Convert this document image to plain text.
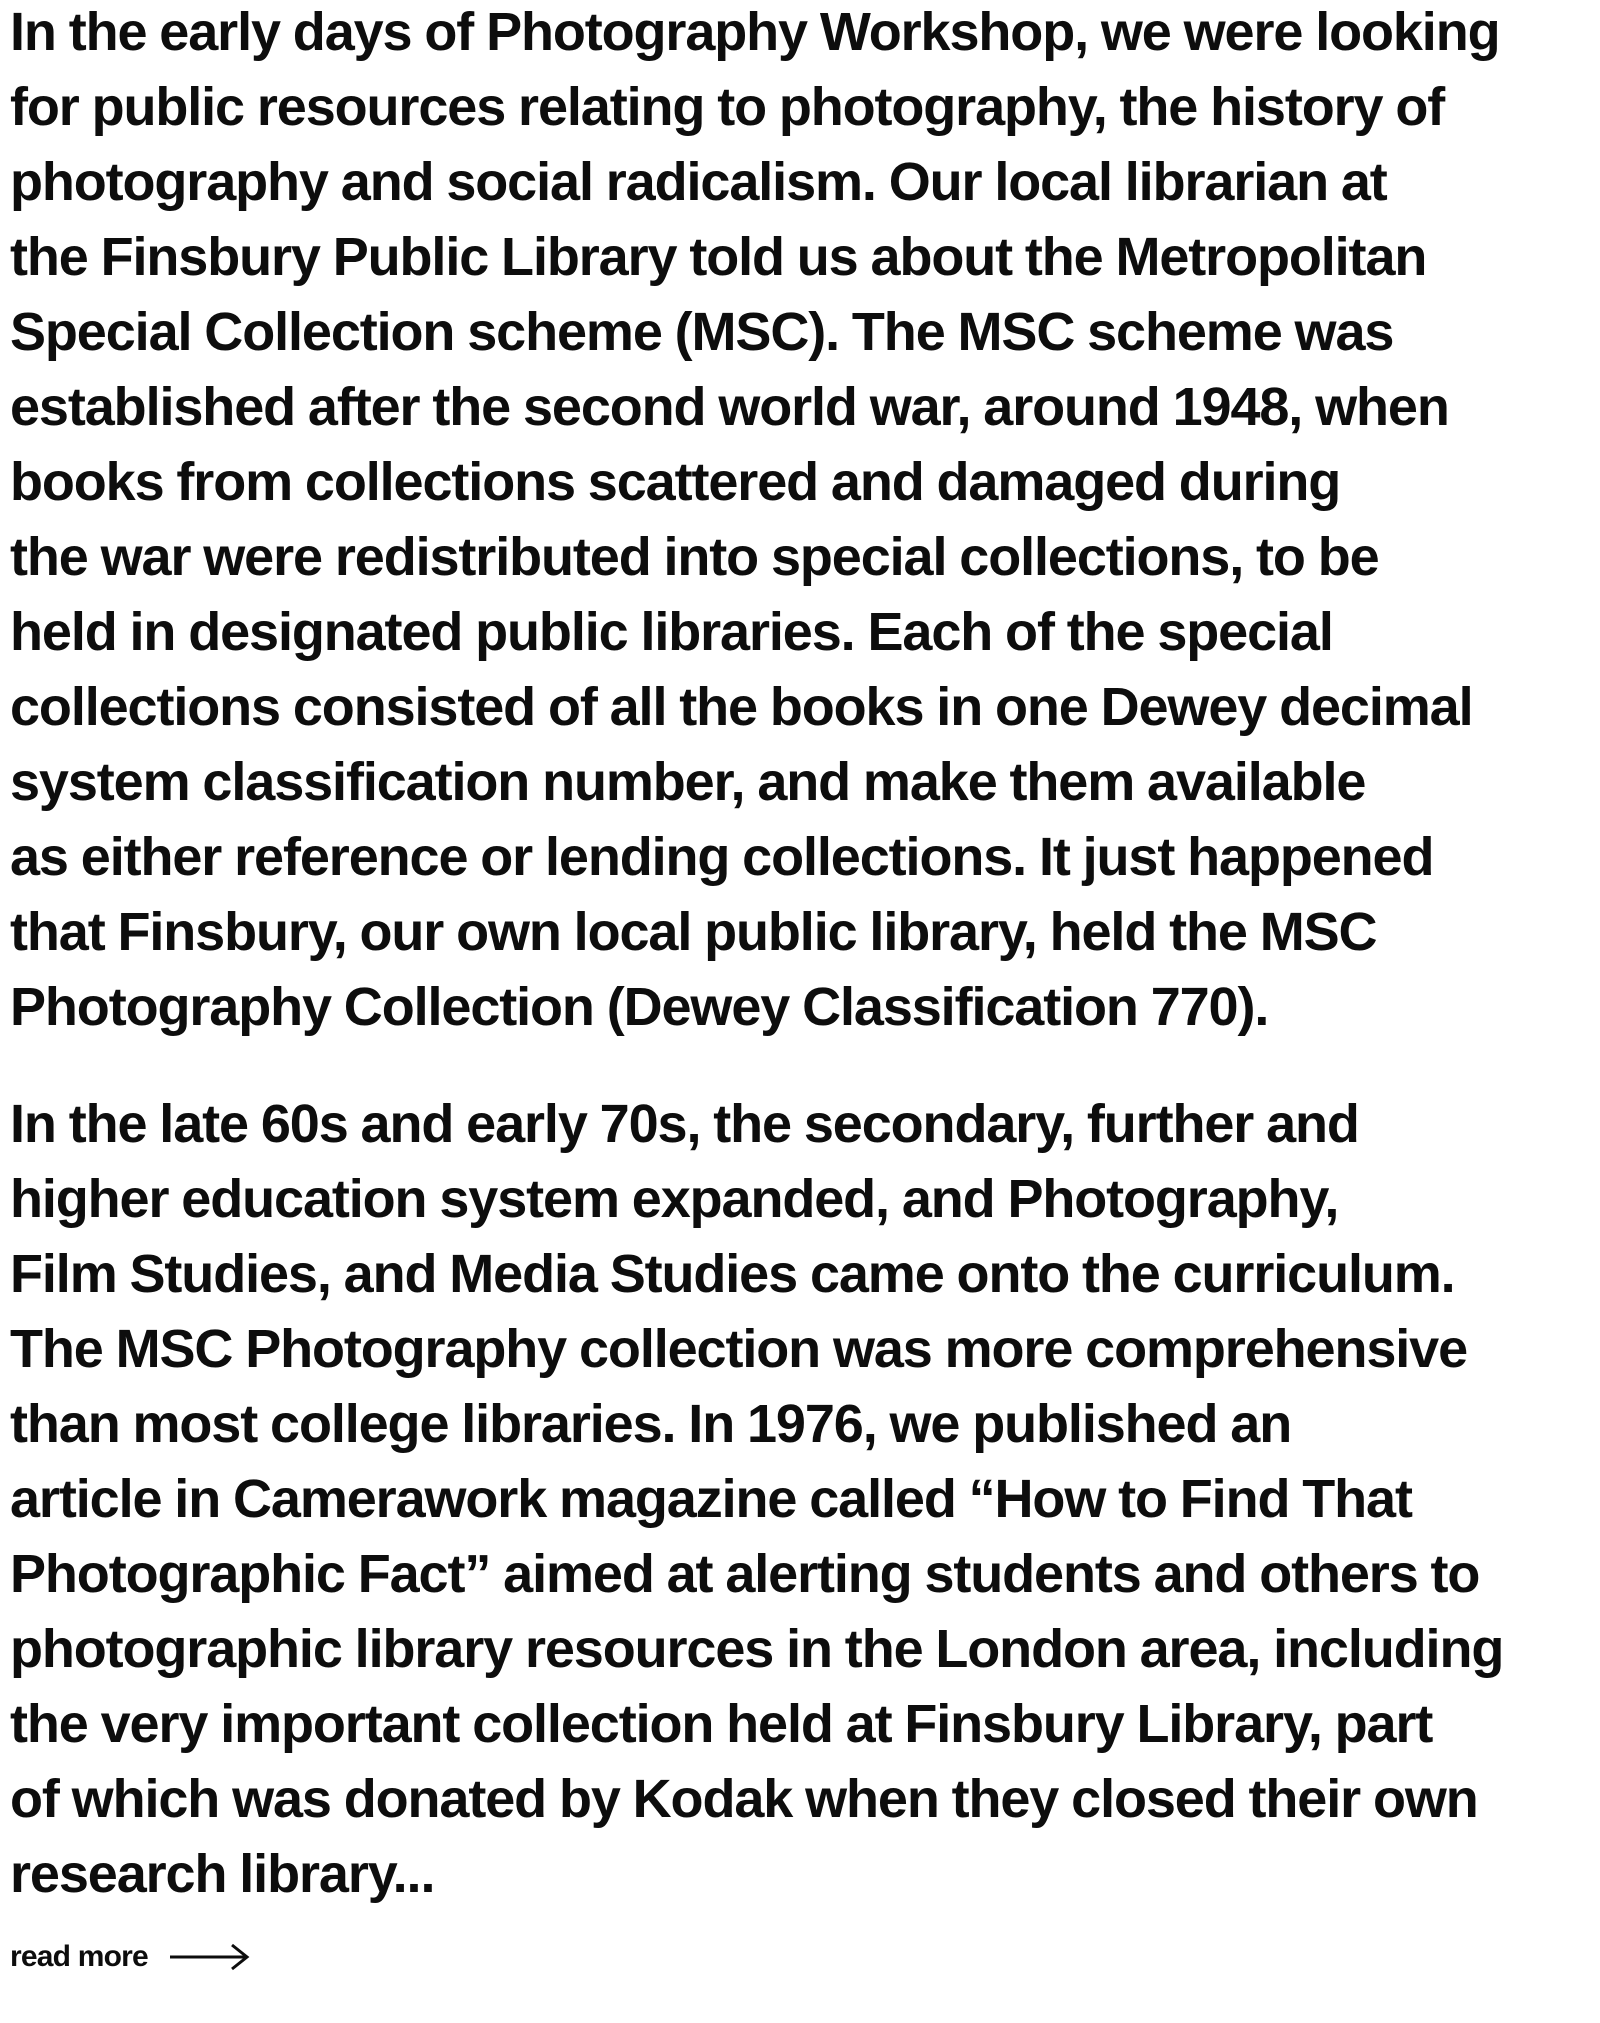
In the early days of Photography Workshop, we were looking
for public resources relating to photography, the history of
photography and social radicalism. Our local librarian at
the Finsbury Public Library told us about the Metropolitan
Special Collection scheme (MSC). The MSC scheme was
established after the second world war, around 1948, when
books from collections scattered and damaged during
the war were redistributed into special collections, to be
held in designated public libraries. Each of the special
collections consisted of all the books in one Dewey decimal
system classification number, and make them available
as either reference or lending collections. It just happened
that Finsbury, our own local public library, held the MSC
Photography Collection (Dewey Classification 770).

In the late 60s and early 70s, the secondary, further and
higher education system expanded, and Photography,
Film Studies, and Media Studies came onto the curriculum.
The MSC Photography collection was more comprehensive
than most college libraries. In 1976, we published an
article in Camerawork magazine called “How to Find That
Photographic Fact” aimed at alerting students and others to
photographic library resources in the London area, including
the very important collection held at Finsbury Library, part
of which was donated by Kodak when they closed their own
research library...

read more
